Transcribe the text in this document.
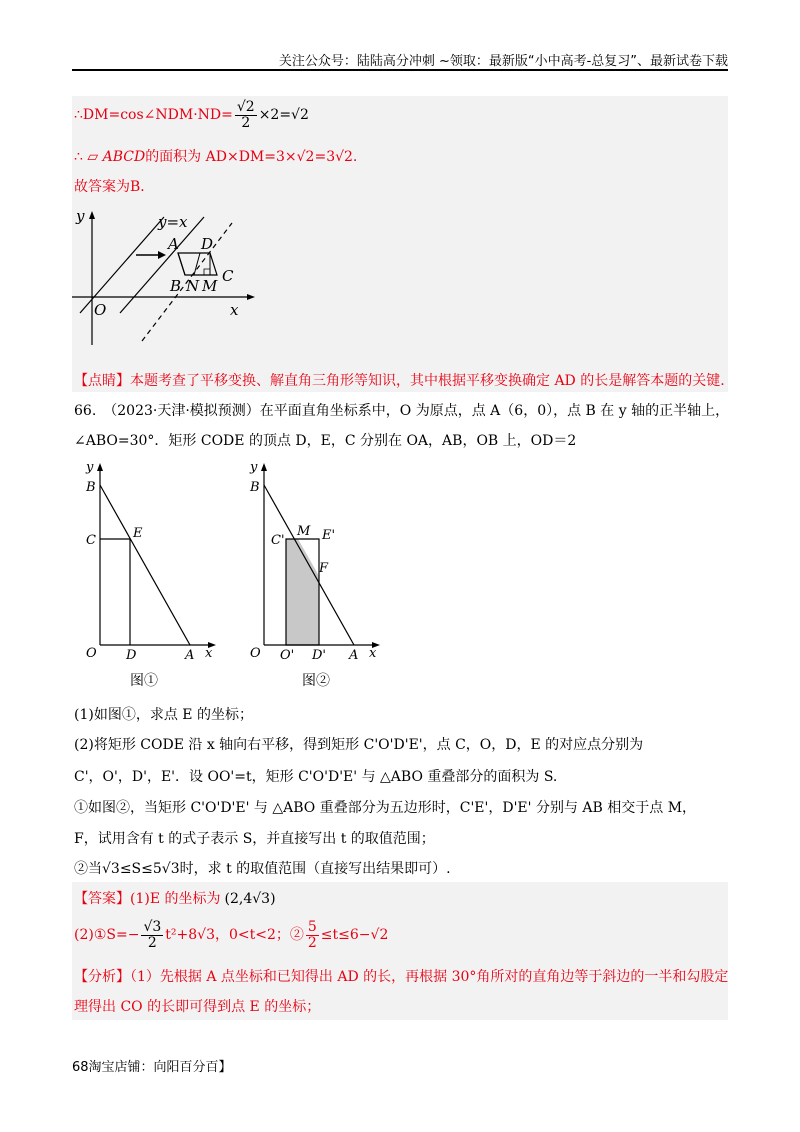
关注公众号：陆陆高分冲刺 ~领取：最新版“小中高考-总复习”、最新试卷下载
∴DM=cos∠NDM·ND= $\frac{√2}{2} \times 2=√2$
∴ ▱ ABCD的面积为 AD×DM=3×√2=3√2.
故答案为B．
y	y=x
A D
C
B N M
O	x
【点睛】本题考查了平移变换、解直角三角形等知识，其中根据平移变换确定 AD 的长是解答本题的关键.
66.　（2023·天津·模拟预测）在平面直角坐标系中，O 为原点，点 A（6，0），点 B 在 y 轴的正半轴上，
∠ABO=30°．矩形 CODE 的顶点 D，E，C 分别在 OA，AB，OB 上，OD＝2
y
B
C	E
O D	A x
图①
y
B
C'
M E'
F
O O' D' A x
图②
(1)如图①，求点 E 的坐标；
(2)将矩形 CODE 沿 x 轴向右平移，得到矩形 C'O'D'E'，点 C，O，D，E 的对应点分别为
C'，O'，D'，E'．设 OO'=t，矩形 C'O'D'E' 与 △ABO 重叠部分的面积为 S.
①如图②，当矩形 C'O'D'E' 与 △ABO 重叠部分为五边形时，C'E'，D'E' 分别与 AB 相交于点 M，
F，试用含有 t 的式子表示 S，并直接写出 t 的取值范围；
②当√3≤S≤5√3时，求 t 的取值范围（直接写出结果即可）.
【答案】(1)E 的坐标为 (2,4√3)
(2)①S=− $\frac{√3}{2} t^2+8√3$，0<t<2；② $\frac{5}{2} \le t\le 6-√2$
【分析】（1）先根据 A 点坐标和已知得出 AD 的长，再根据 30°角所对的直角边等于斜边的一半和勾股定
理得出 CO 的长即可得到点 E 的坐标；
68淘宝店铺：向阳百分百】
